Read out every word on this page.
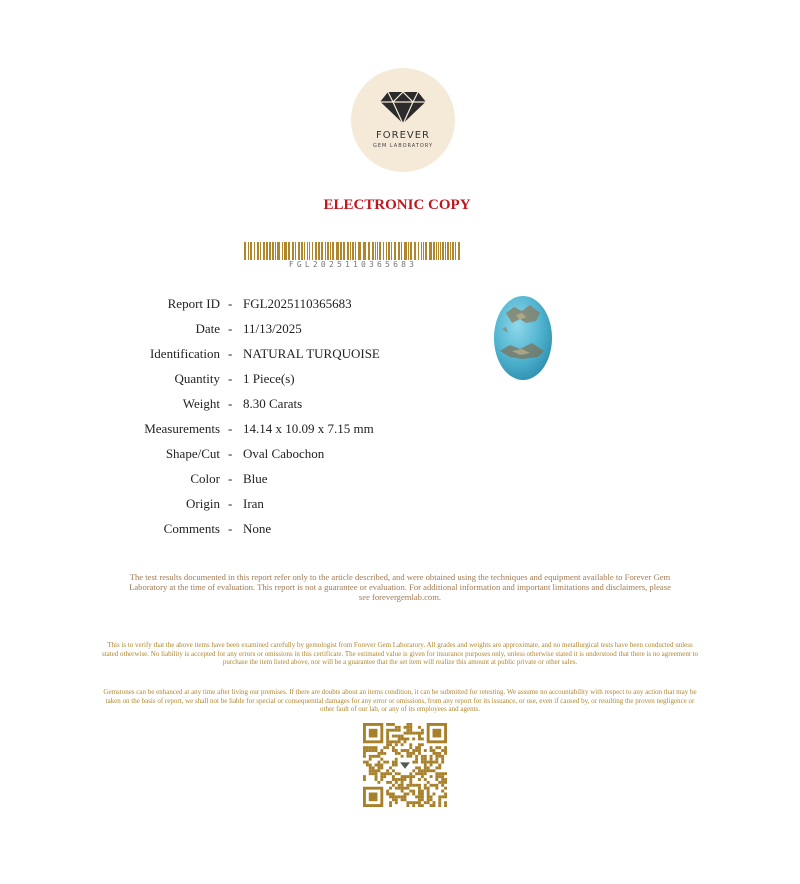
FOREVER
GEM LABORATORY
ELECTRONIC COPY
FGL2025110365683
Report ID - FGL2025110365683
Date - 11/13/2025
Identification - NATURAL TURQUOISE
Quantity - 1 Piece(s)
Weight - 8.30 Carats
Measurements - 14.14 x 10.09 x 7.15 mm
Shape/Cut - Oval Cabochon
Color - Blue
Origin - Iran
Comments - None
The test results documented in this report refer only to the article described, and were obtained using the techniques and equipment available to Forever Gem Laboratory at the time of evaluation. This report is not a guarantee or evaluation. For additional information and important limitations and disclaimers, please see forevergemlab.com.
This is to verify that the above items have been examined carefully by gemologist from Forever Gem Laboratory. All grades and weights are approximate, and no metallurgical tests have been conducted unless stated otherwise. No liability is accepted for any errors or omissions in this certificate. The estimated value is given for insurance purposes only, unless otherwise stated it is understood that there is no agreement to purchase the item listed above, nor will be a guarantee that the set item will realize this amount at public private or other sales.
Gemstones can be enhanced at any time after living our premises. If there are doubts about an items condition, it can be submitted for retesting. We assume no accountability with respect to any action that may be taken on the basis of report, we shall not be liable for special or consequential damages for any error or omissions, from any report for its issuance, or use, even if caused by, or resulting the proven negligence or other fault of our lab, or any of its employees and agents.
